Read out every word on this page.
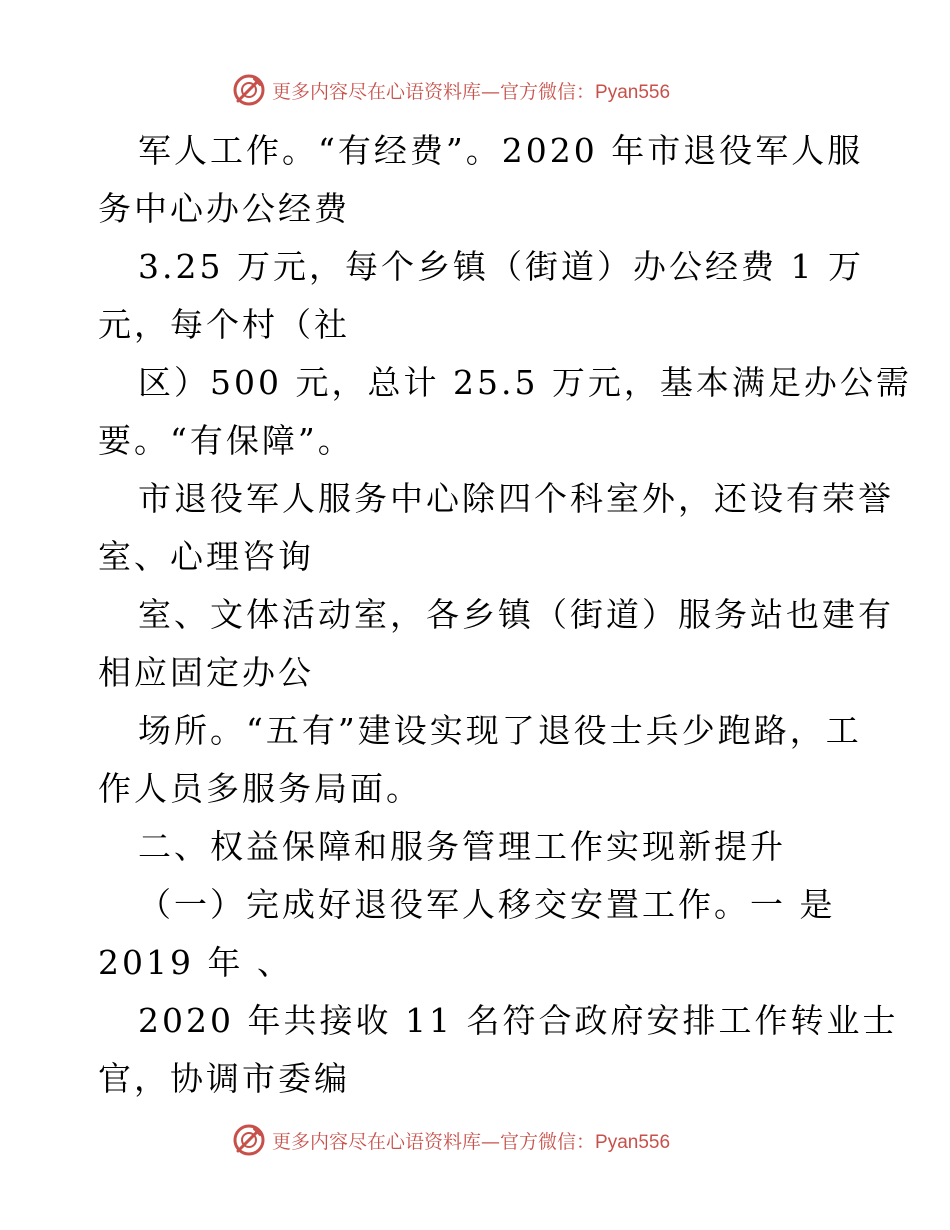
更多内容尽在心语资料库—官方微信：Pyan556
军人工作。“有经费”。2020 年市退役军人服
务中心办公经费
3.25 万元，每个乡镇（街道）办公经费 1 万
元，每个村（社
区）500 元，总计 25.5 万元，基本满足办公需
要。“有保障”。
市退役军人服务中心除四个科室外，还设有荣誉
室、心理咨询
室、文体活动室，各乡镇（街道）服务站也建有
相应固定办公
场所。“五有”建设实现了退役士兵少跑路，工
作人员多服务局面。
二、权益保障和服务管理工作实现新提升
（一）完成好退役军人移交安置工作。一 是
2019 年 、
2020 年共接收 11 名符合政府安排工作转业士
官，协调市委编
更多内容尽在心语资料库—官方微信：Pyan556
